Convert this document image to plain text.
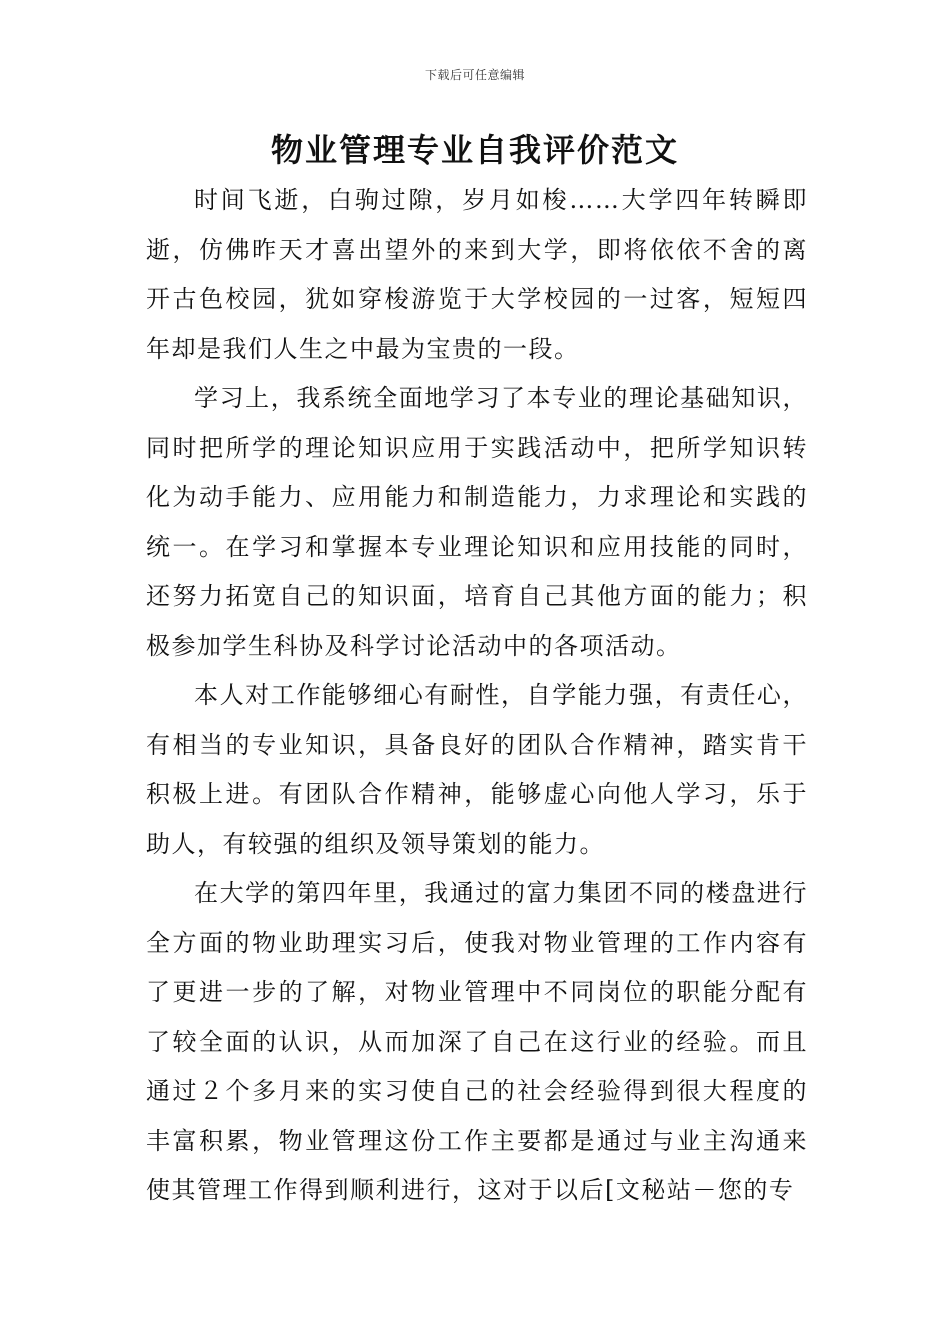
下载后可任意编辑
物业管理专业自我评价范文

时间飞逝，白驹过隙，岁月如梭……大学四年转瞬即逝，仿佛昨天才喜出望外的来到大学，即将依依不舍的离开古色校园，犹如穿梭游览于大学校园的一过客，短短四年却是我们人生之中最为宝贵的一段。

学习上，我系统全面地学习了本专业的理论基础知识，同时把所学的理论知识应用于实践活动中，把所学知识转化为动手能力、应用能力和制造能力，力求理论和实践的统一。在学习和掌握本专业理论知识和应用技能的同时，还努力拓宽自己的知识面，培育自己其他方面的能力；积极参加学生科协及科学讨论活动中的各项活动。

本人对工作能够细心有耐性，自学能力强，有责任心，有相当的专业知识，具备良好的团队合作精神，踏实肯干积极上进。有团队合作精神，能够虚心向他人学习，乐于助人，有较强的组织及领导策划的能力。

在大学的第四年里，我通过的富力集团不同的楼盘进行全方面的物业助理实习后，使我对物业管理的工作内容有了更进一步的了解，对物业管理中不同岗位的职能分配有了较全面的认识，从而加深了自己在这行业的经验。而且通过２个多月来的实习使自己的社会经验得到很大程度的丰富积累，物业管理这份工作主要都是通过与业主沟通来使其管理工作得到顺利进行，这对于以后[文秘站－您的专
